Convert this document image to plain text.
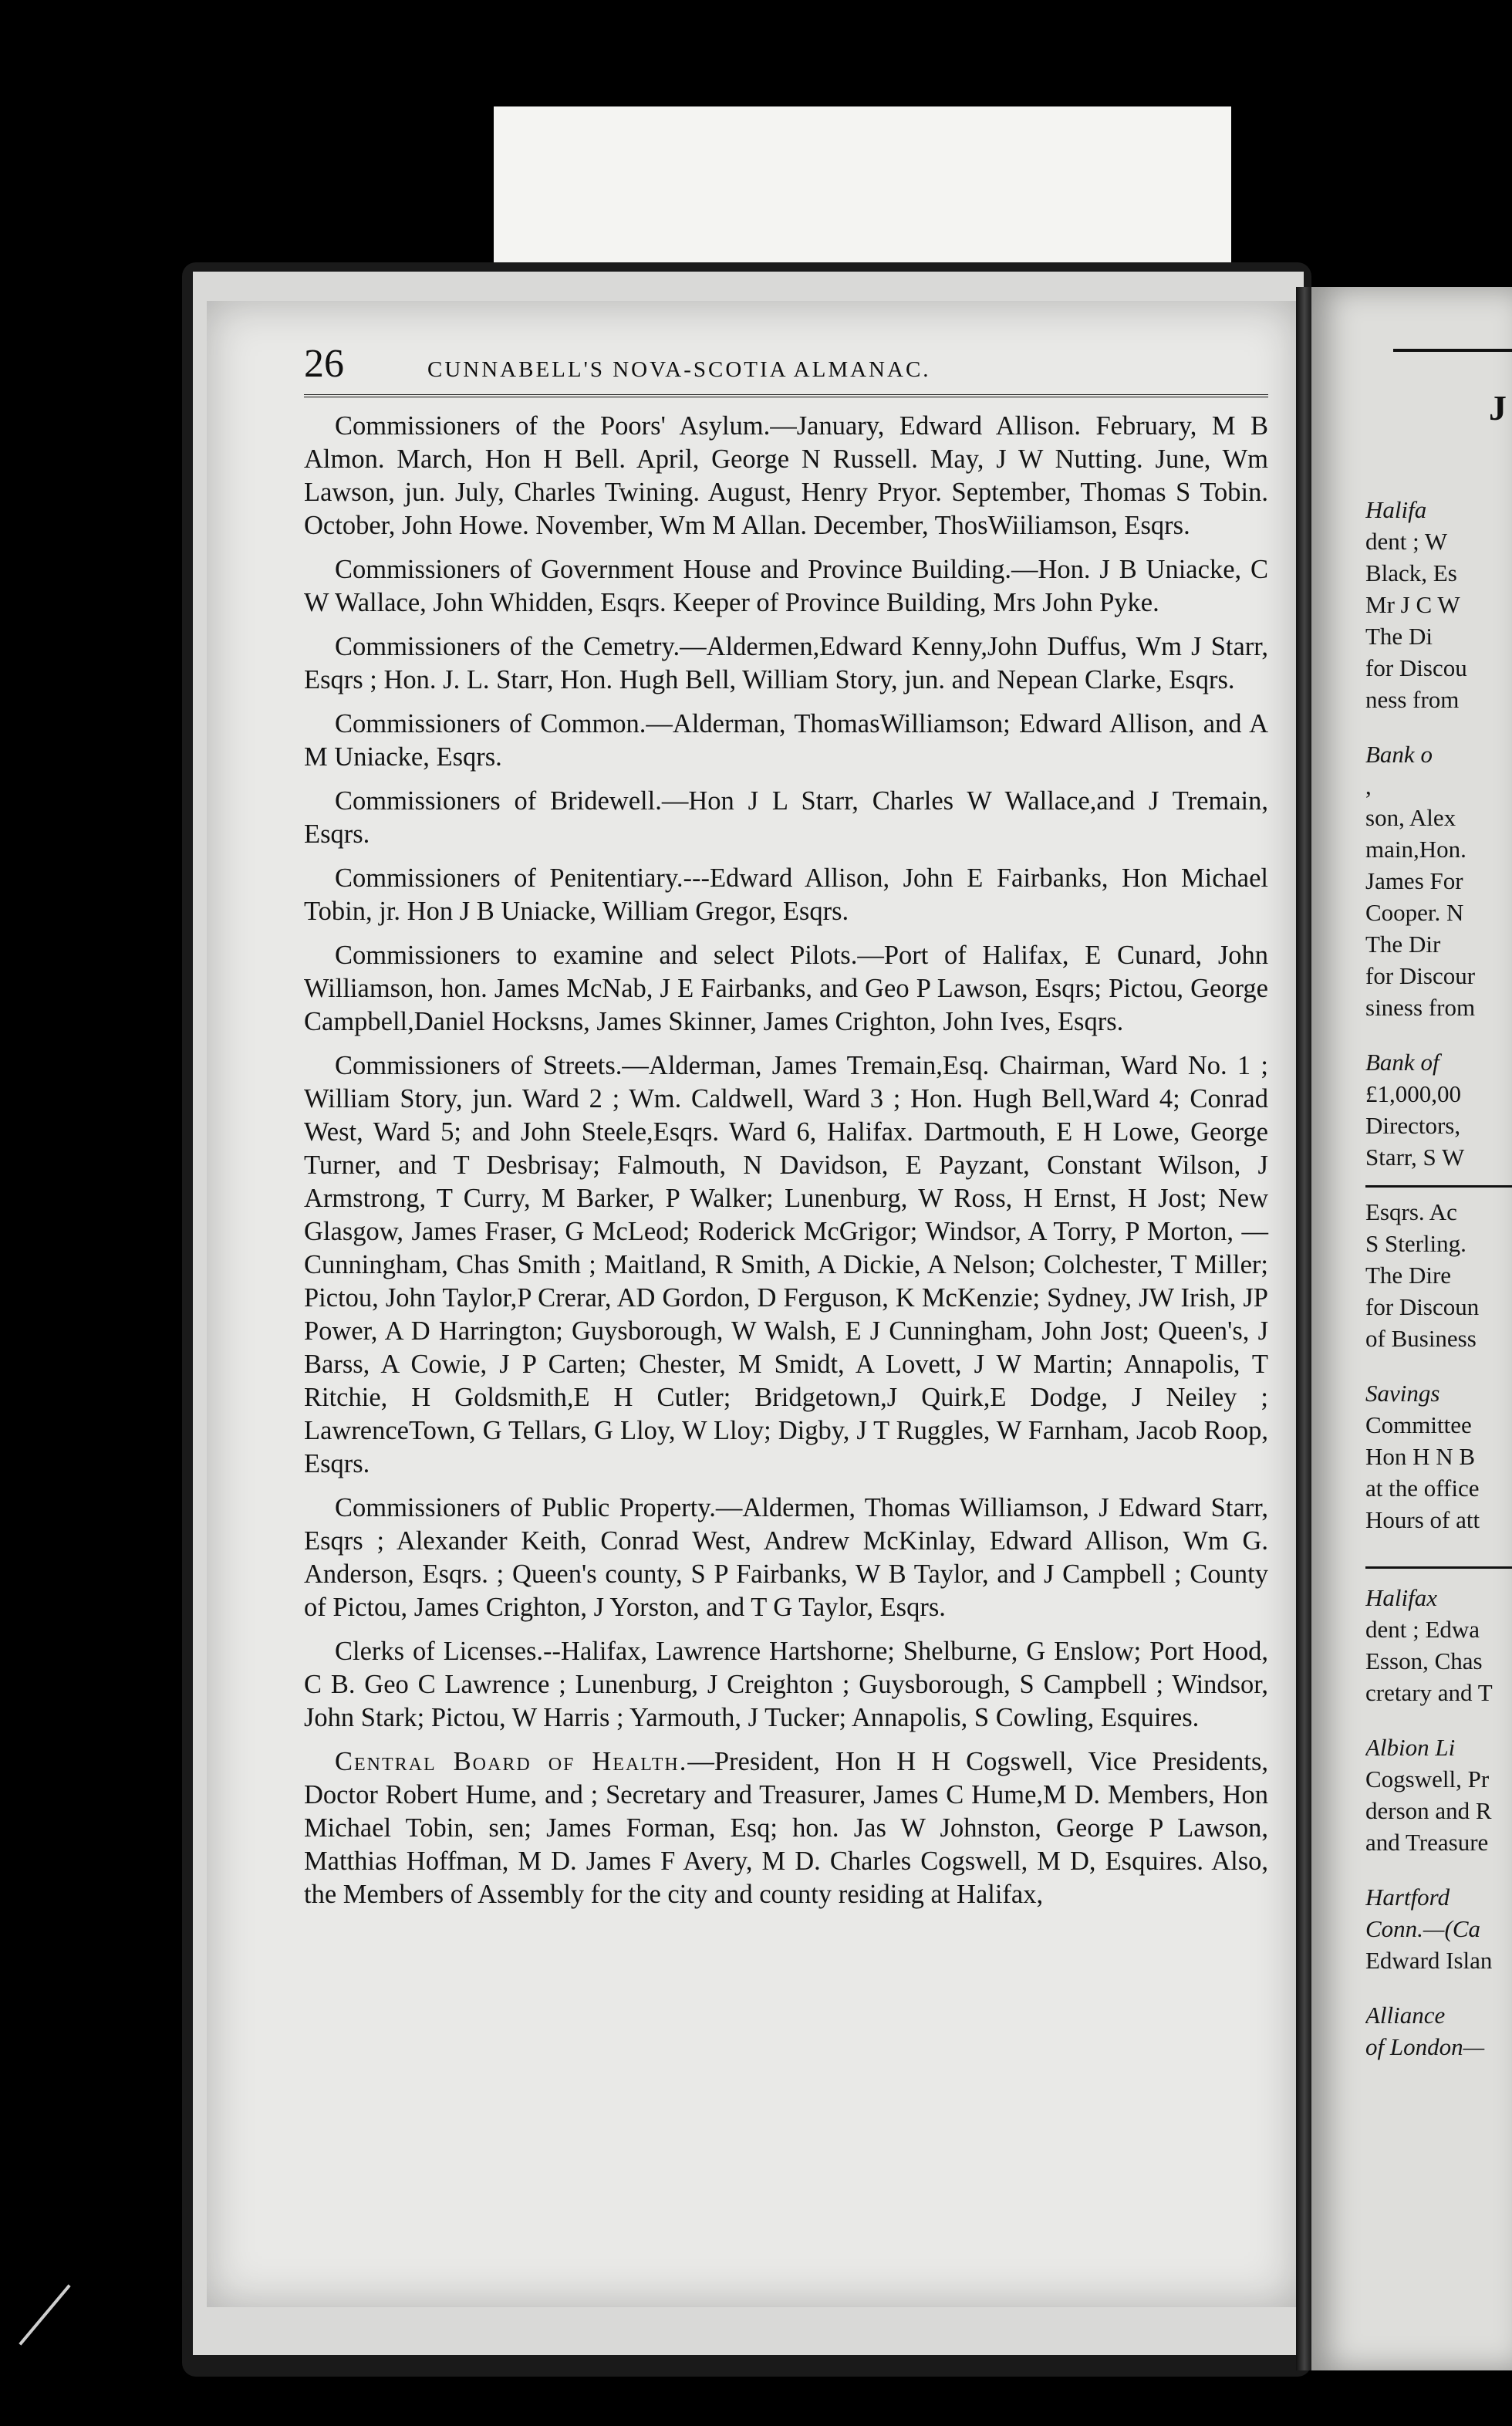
26	CUNNABELL'S NOVA-SCOTIA ALMANAC.

Commissioners of the Poors' Asylum.—January, Edward Allison. February, M B Almon. March, Hon H Bell. April, George N Russell. May, J W Nutting. June, Wm Lawson, jun. July, Charles Twining. August, Henry Pryor. September, Thomas S Tobin. October, John Howe. November, Wm M Allan. December, ThosWiiliamson, Esqrs.

Commissioners of Government House and Province Building.—Hon. J B Uniacke, C W Wallace, John Whidden, Esqrs. Keeper of Province Building, Mrs John Pyke.

Commissioners of the Cemetry.—Aldermen,Edward Kenny,John Duffus, Wm J Starr, Esqrs ; Hon. J. L. Starr, Hon. Hugh Bell, William Story, jun. and Nepean Clarke, Esqrs.

Commissioners of Common.—Alderman, ThomasWilliamson; Edward Allison, and A M Uniacke, Esqrs.

Commissioners of Bridewell.—Hon J L Starr, Charles W Wallace,and J Tremain, Esqrs.

Commissioners of Penitentiary.---Edward Allison, John E Fairbanks, Hon Michael Tobin, jr. Hon J B Uniacke, William Gregor, Esqrs.

Commissioners to examine and select Pilots.—Port of Halifax, E Cunard, John Williamson, hon. James McNab, J E Fairbanks, and Geo P Lawson, Esqrs; Pictou, George Campbell,Daniel Hocksns, James Skinner, James Crighton, John Ives, Esqrs.

Commissioners of Streets.—Alderman, James Tremain,Esq. Chairman, Ward No. 1 ; William Story, jun. Ward 2 ; Wm. Caldwell, Ward 3 ; Hon. Hugh Bell,Ward 4; Conrad West, Ward 5; and John Steele,Esqrs. Ward 6, Halifax. Dartmouth, E H Lowe, George Turner, and T Desbrisay; Falmouth, N Davidson, E Payzant, Constant Wilson, J Armstrong, T Curry, M Barker, P Walker; Lunenburg, W Ross, H Ernst, H Jost; New Glasgow, James Fraser, G McLeod; Roderick McGrigor; Windsor, A Torry, P Morton, — Cunningham, Chas Smith ; Maitland, R Smith, A Dickie, A Nelson; Colchester, T Miller; Pictou, John Taylor,P Crerar, AD Gordon, D Ferguson, K McKenzie; Sydney, JW Irish, JP Power, A D Harrington; Guysborough, W Walsh, E J Cunningham, John Jost; Queen's, J Barss, A Cowie, J P Carten; Chester, M Smidt, A Lovett, J W Martin; Annapolis, T Ritchie, H Goldsmith,E H Cutler; Bridgetown,J Quirk,E Dodge, J Neiley ; LawrenceTown, G Tellars, G Lloy, W Lloy; Digby, J T Ruggles, W Farnham, Jacob Roop, Esqrs.

Commissioners of Public Property.—Aldermen, Thomas Williamson, J Edward Starr, Esqrs ; Alexander Keith, Conrad West, Andrew McKinlay, Edward Allison, Wm G. Anderson, Esqrs. ; Queen's county, S P Fairbanks, W B Taylor, and J Campbell ; County of Pictou, James Crighton, J Yorston, and T G Taylor, Esqrs.

Clerks of Licenses.--Halifax, Lawrence Hartshorne; Shelburne, G Enslow; Port Hood, C B. Geo C Lawrence ; Lunenburg, J Creighton ; Guysborough, S Campbell ; Windsor, John Stark; Pictou, W Harris ; Yarmouth, J Tucker; Annapolis, S Cowling, Esquires.

Central Board of Health.—President, Hon H H Cogswell, Vice Presidents, Doctor Robert Hume, and ; Secretary and Treasurer, James C Hume,M D. Members, Hon Michael Tobin, sen; James Forman, Esq; hon. Jas W Johnston, George P Lawson, Matthias Hoffman, M D. James F Avery, M D. Charles Cogswell, M D, Esquires. Also, the Members of Assembly for the city and county residing at Halifax,

J
Halifa
dent ; W
Black, Es
Mr J C W
The Di
for Discou
ness from
Bank o
,
son, Alex
main,Hon.
James For
Cooper. N
The Dir
for Discour
siness from
Bank of
£1,000,00
Directors,
Starr, S W
Esqrs. Ac
S Sterling.
The Dire
for Discoun
of Business
Savings
Committee
Hon H N B
at the office
Hours of att
Halifax
dent ; Edwa
Esson, Chas
cretary and T
Albion Li
Cogswell, Pr
derson and R
and Treasure
Hartford
Conn.—(Ca
Edward Islan
Alliance
of London—
